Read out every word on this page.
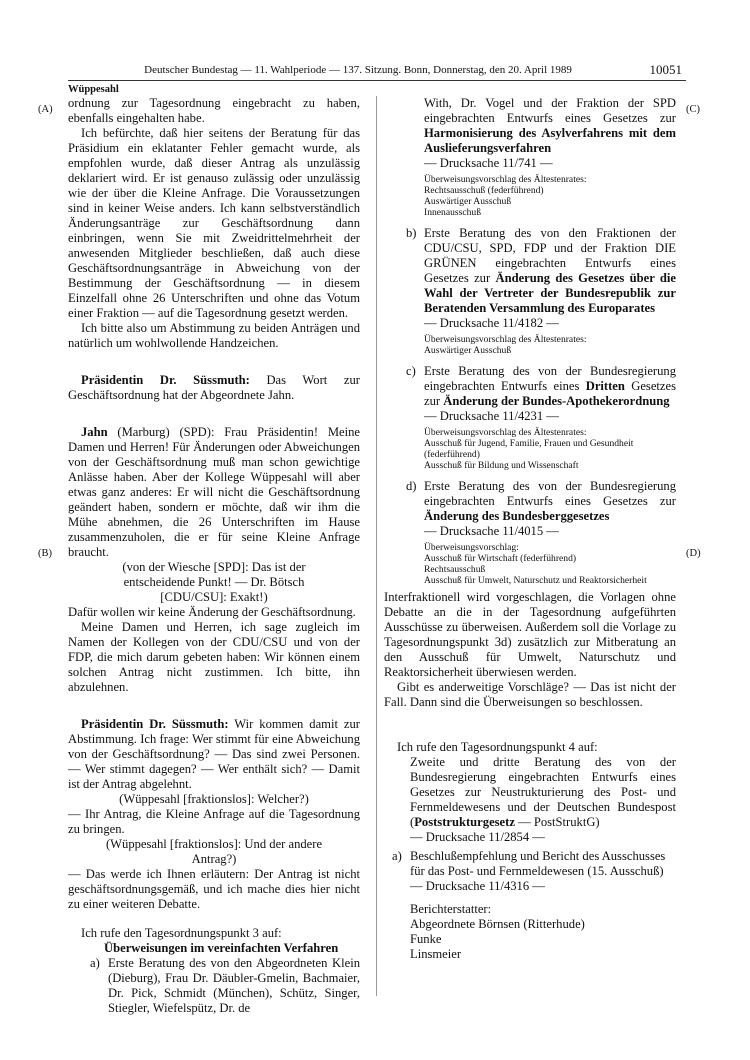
Deutscher Bundestag — 11. Wahlperiode — 137. Sitzung. Bonn, Donnerstag, den 20. April 1989	10051
Wüppesahl
(A)
(B)
(C)
(D)

ordnung zur Tagesordnung eingebracht zu haben, ebenfalls eingehalten habe.

Ich befürchte, daß hier seitens der Beratung für das Präsidium ein eklatanter Fehler gemacht wurde, als empfohlen wurde, daß dieser Antrag als unzulässig deklariert wird. Er ist genauso zulässig oder unzulässig wie der über die Kleine Anfrage. Die Voraussetzungen sind in keiner Weise anders. Ich kann selbstverständlich Änderungsanträge zur Geschäftsordnung dann einbringen, wenn Sie mit Zweidrittelmehrheit der anwesenden Mitglieder beschließen, daß auch diese Geschäftsordnungsanträge in Abweichung von der Bestimmung der Geschäftsordnung — in diesem Einzelfall ohne 26 Unterschriften und ohne das Votum einer Fraktion — auf die Tagesordnung gesetzt werden.

Ich bitte also um Abstimmung zu beiden Anträgen und natürlich um wohlwollende Handzeichen.

Präsidentin Dr. Süssmuth: Das Wort zur Geschäftsordnung hat der Abgeordnete Jahn.

Jahn (Marburg) (SPD): Frau Präsidentin! Meine Damen und Herren! Für Änderungen oder Abweichungen von der Geschäftsordnung muß man schon gewichtige Anlässe haben. Aber der Kollege Wüppesahl will aber etwas ganz anderes: Er will nicht die Geschäftsordnung geändert haben, sondern er möchte, daß wir ihm die Mühe abnehmen, die 26 Unterschriften im Hause zusammenzuholen, die er für seine Kleine Anfrage braucht.

(von der Wiesche [SPD]: Das ist der entscheidende Punkt! — Dr. Bötsch [CDU/CSU]: Exakt!)

Dafür wollen wir keine Änderung der Geschäftsordnung.

Meine Damen und Herren, ich sage zugleich im Namen der Kollegen von der CDU/CSU und von der FDP, die mich darum gebeten haben: Wir können einem solchen Antrag nicht zustimmen. Ich bitte, ihn abzulehnen.

Präsidentin Dr. Süssmuth: Wir kommen damit zur Abstimmung. Ich frage: Wer stimmt für eine Abweichung von der Geschäftsordnung? — Das sind zwei Personen. — Wer stimmt dagegen? — Wer enthält sich? — Damit ist der Antrag abgelehnt.

(Wüppesahl [fraktionslos]: Welcher?)

— Ihr Antrag, die Kleine Anfrage auf die Tagesordnung zu bringen.

(Wüppesahl [fraktionslos]: Und der andere Antrag?)

— Das werde ich Ihnen erläutern: Der Antrag ist nicht geschäftsordnungsgemäß, und ich mache dies hier nicht zu einer weiteren Debatte.

Ich rufe den Tagesordnungspunkt 3 auf:

Überweisungen im vereinfachten Verfahren

a) Erste Beratung des von den Abgeordneten Klein (Dieburg), Frau Dr. Däubler-Gmelin, Bachmaier, Dr. Pick, Schmidt (München), Schütz, Singer, Stiegler, Wiefelspütz, Dr. de

With, Dr. Vogel und der Fraktion der SPD eingebrachten Entwurfs eines Gesetzes zur Harmonisierung des Asylverfahrens mit dem Auslieferungsverfahren

— Drucksache 11/741 —

Überweisungsvorschlag des Ältestenrates:

Rechtsausschuß (federführend)

Auswärtiger Ausschuß

Innenausschuß

b) Erste Beratung des von den Fraktionen der CDU/CSU, SPD, FDP und der Fraktion DIE GRÜNEN eingebrachten Entwurfs eines Gesetzes zur Änderung des Gesetzes über die Wahl der Vertreter der Bundesrepublik zur Beratenden Versammlung des Europarates

— Drucksache 11/4182 —

Überweisungsvorschlag des Ältestenrates:

Auswärtiger Ausschuß

c) Erste Beratung des von der Bundesregierung eingebrachten Entwurfs eines Dritten Gesetzes zur Änderung der Bundes-Apothekerordnung

— Drucksache 11/4231 —

Überweisungsvorschlag des Ältestenrates:

Ausschuß für Jugend, Familie, Frauen und Gesundheit (federführend)

Ausschuß für Bildung und Wissenschaft

d) Erste Beratung des von der Bundesregierung eingebrachten Entwurfs eines Gesetzes zur Änderung des Bundesberggesetzes

— Drucksache 11/4015 —

Überweisungsvorschlag:

Ausschuß für Wirtschaft (federführend)

Rechtsausschuß

Ausschuß für Umwelt, Naturschutz und Reaktorsicherheit

Interfraktionell wird vorgeschlagen, die Vorlagen ohne Debatte an die in der Tagesordnung aufgeführten Ausschüsse zu überweisen. Außerdem soll die Vorlage zu Tagesordnungspunkt 3d) zusätzlich zur Mitberatung an den Ausschuß für Umwelt, Naturschutz und Reaktorsicherheit überwiesen werden.

Gibt es anderweitige Vorschläge? — Das ist nicht der Fall. Dann sind die Überweisungen so beschlossen.

Ich rufe den Tagesordnungspunkt 4 auf:

Zweite und dritte Beratung des von der Bundesregierung eingebrachten Entwurfs eines Gesetzes zur Neustrukturierung des Post- und Fernmeldewesens und der Deutschen Bundespost (Poststrukturgesetz — PostStruktG)

— Drucksache 11/2854 —

a) Beschlußempfehlung und Bericht des Ausschusses für das Post- und Fernmeldewesen (15. Ausschuß)

— Drucksache 11/4316 —

Berichterstatter:

Abgeordnete Börnsen (Ritterhude)

Funke

Linsmeier
